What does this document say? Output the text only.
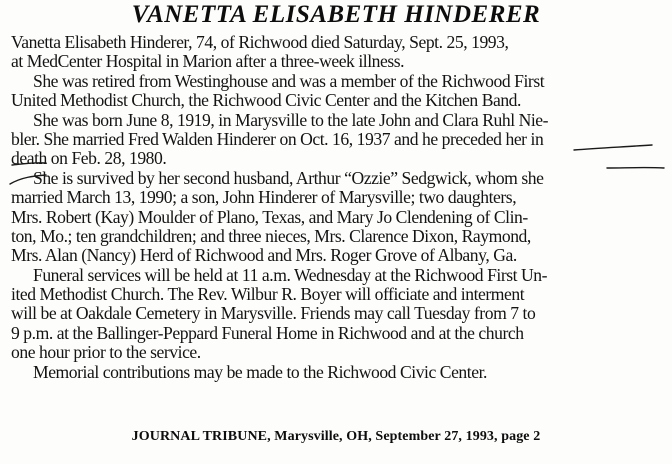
VANETTA ELISABETH HINDERER
Vanetta Elisabeth Hinderer, 74, of Richwood died Saturday, Sept. 25, 1993,
at MedCenter Hospital in Marion after a three-week illness.
She was retired from Westinghouse and was a member of the Richwood First
United Methodist Church, the Richwood Civic Center and the Kitchen Band.
She was born June 8, 1919, in Marysville to the late John and Clara Ruhl Nie-
bler. She married Fred Walden Hinderer on Oct. 16, 1937 and he preceded her in
death on Feb. 28, 1980.
She is survived by her second husband, Arthur “Ozzie” Sedgwick, whom she
married March 13, 1990; a son, John Hinderer of Marysville; two daughters,
Mrs. Robert (Kay) Moulder of Plano, Texas, and Mary Jo Clendening of Clin-
ton, Mo.; ten grandchildren; and three nieces, Mrs. Clarence Dixon, Raymond,
Mrs. Alan (Nancy) Herd of Richwood and Mrs. Roger Grove of Albany, Ga.
Funeral services will be held at 11 a.m. Wednesday at the Richwood First Un-
ited Methodist Church. The Rev. Wilbur R. Boyer will officiate and interment
will be at Oakdale Cemetery in Marysville. Friends may call Tuesday from 7 to
9 p.m. at the Ballinger-Peppard Funeral Home in Richwood and at the church
one hour prior to the service.
Memorial contributions may be made to the Richwood Civic Center.
JOURNAL TRIBUNE, Marysville, OH, September 27, 1993, page 2
